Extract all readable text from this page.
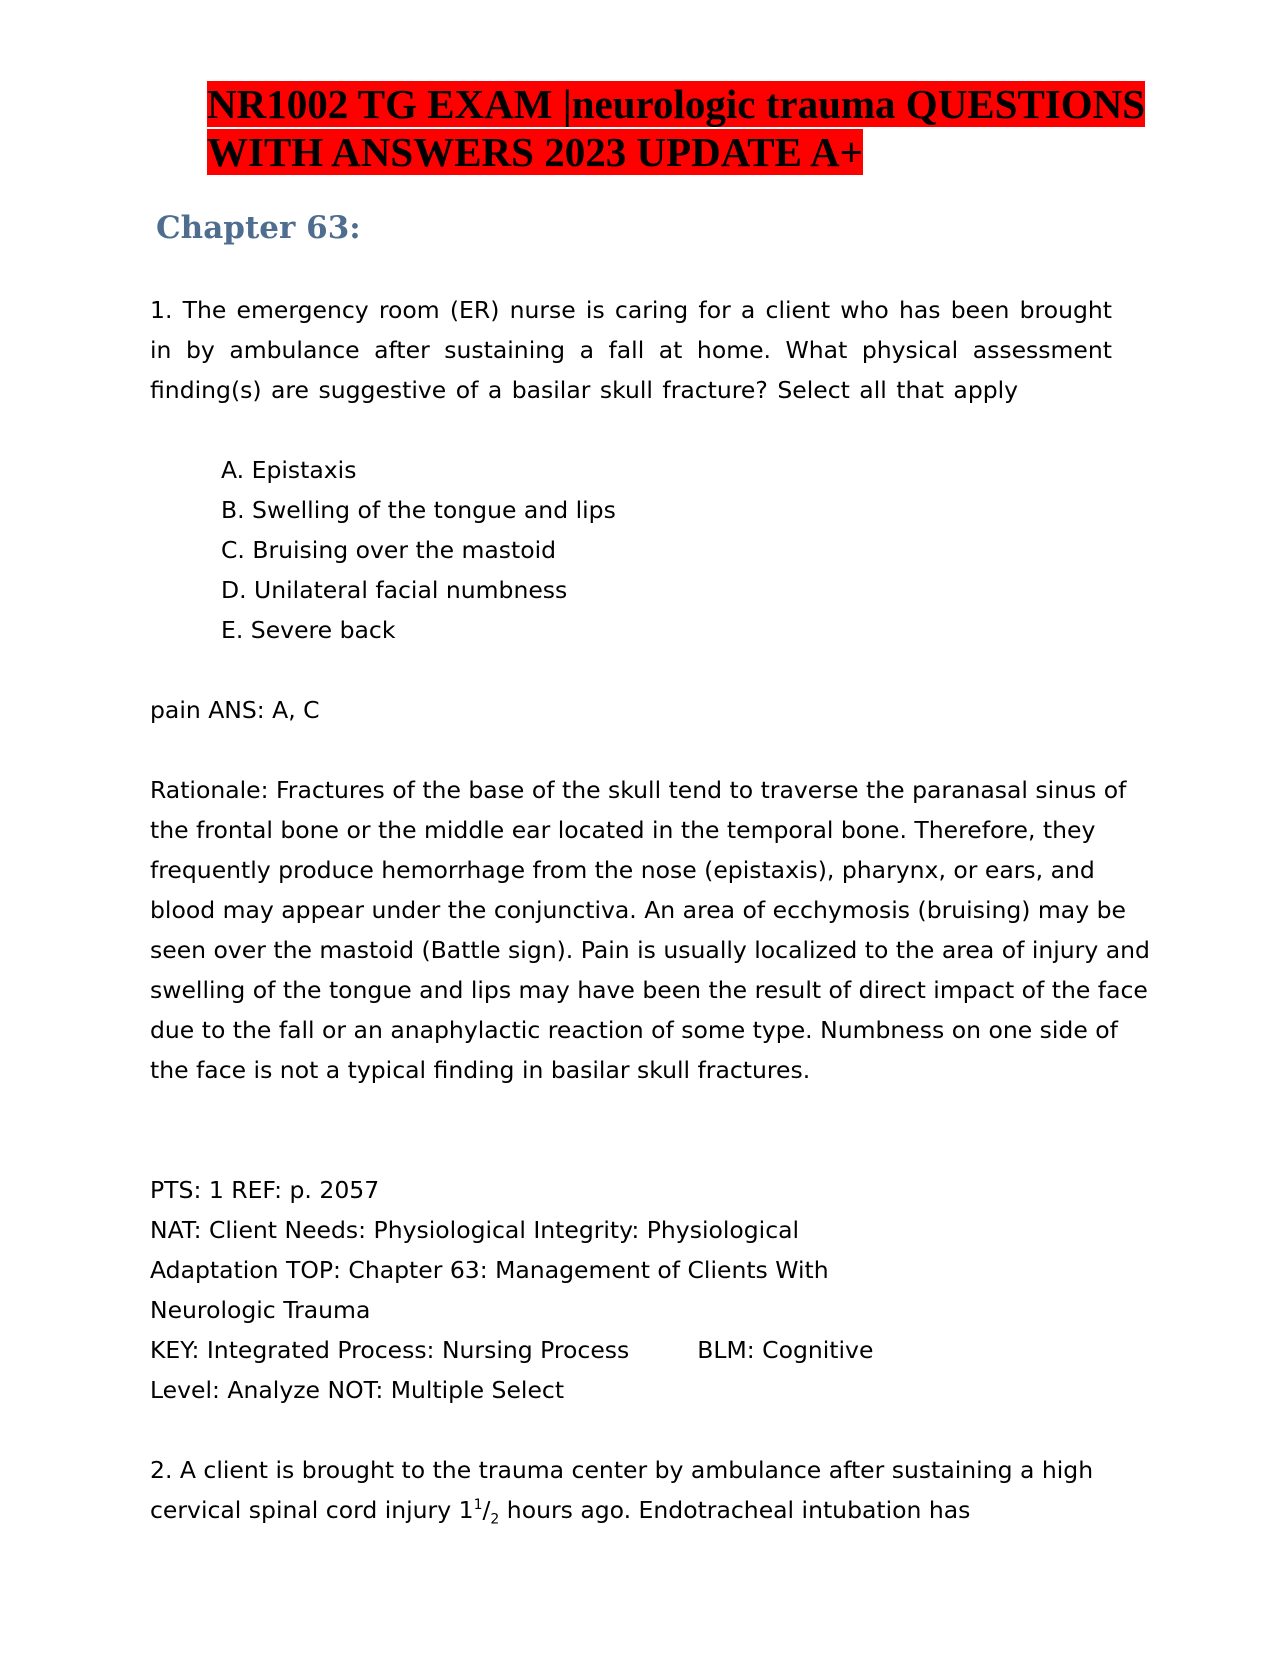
NR1002 TG EXAM |neurologic trauma QUESTIONS
WITH ANSWERS 2023 UPDATE A+
Chapter 63:
1. The emergency room (ER) nurse is caring for a client who has been brought in by ambulance after sustaining a fall at home. What physical assessment finding(s) are suggestive of a basilar skull fracture? Select all that apply
A. Epistaxis
B. Swelling of the tongue and lips
C. Bruising over the mastoid
D. Unilateral facial numbness
E. Severe back
pain ANS: A, C
Rationale: Fractures of the base of the skull tend to traverse the paranasal sinus of the frontal bone or the middle ear located in the temporal bone. Therefore, they frequently produce hemorrhage from the nose (epistaxis), pharynx, or ears, and blood may appear under the conjunctiva. An area of ecchymosis (bruising) may be seen over the mastoid (Battle sign). Pain is usually localized to the area of injury and swelling of the tongue and lips may have been the result of direct impact of the face due to the fall or an anaphylactic reaction of some type. Numbness on one side of the face is not a typical finding in basilar skull fractures.
PTS: 1 REF: p. 2057
NAT: Client Needs: Physiological Integrity: Physiological
Adaptation TOP: Chapter 63: Management of Clients With
Neurologic Trauma
KEY: Integrated Process: Nursing Process	BLM: Cognitive
Level: Analyze NOT: Multiple Select
2. A client is brought to the trauma center by ambulance after sustaining a high cervical spinal cord injury $1^1/_2$ hours ago. Endotracheal intubation has
